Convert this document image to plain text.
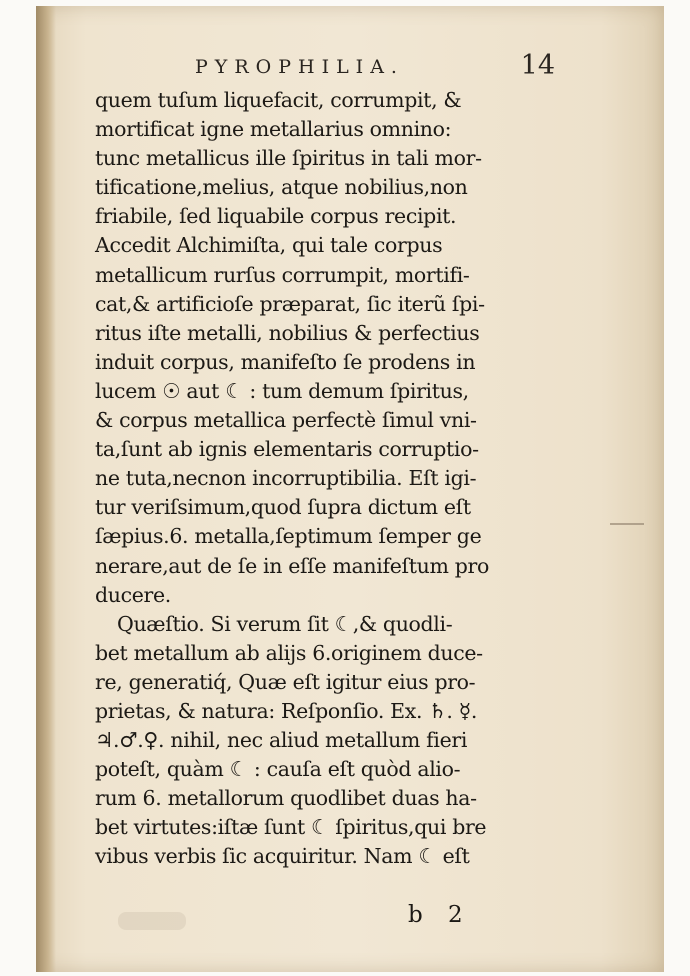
PYROPHILIA.	14
quem tuſum liquefacit, corrumpit, &
mortificat igne metallarius omnino:
tunc metallicus ille ſpiritus in tali mor-
tificatione,melius, atque nobilius,non
friabile, ſed liquabile corpus recipit.
Accedit Alchimiſta, qui tale corpus
metallicum rurſus corrumpit, mortifi-
cat,& artificioſe præparat, ſic iterũ ſpi-
ritus iſte metalli, nobilius & perfectius
induit corpus, manifeſto ſe prodens in
lucem ☉ aut ☾ : tum demum ſpiritus,
& corpus metallica perfectè ſimul vni-
ta,ſunt ab ignis elementaris corruptio-
ne tuta,necnon incorruptibilia. Eſt igi-
tur veriſsimum,quod ſupra dictum eſt
ſæpius.6. metalla,ſeptimum ſemper ge
nerare,aut de ſe in eſſe manifeſtum pro
ducere.
Quæſtio. Si verum ſit ☾,& quodli-
bet metallum ab aliјs 6.originem duce-
re, generatiq́, Quæ eſt igitur eius pro-
prietas, & natura: Reſponſio. Ex. ♄. ☿.
♃.♂.♀. nihil, nec aliud metallum fieri
poteſt, quàm ☾ : cauſa eſt quòd alio-
rum 6. metallorum quodlibet duas ha-
bet virtutes:iſtæ ſunt ☾ ſpiritus,qui bre
vibus verbis ſic acquiritur. Nam ☾ eſt
b 2
